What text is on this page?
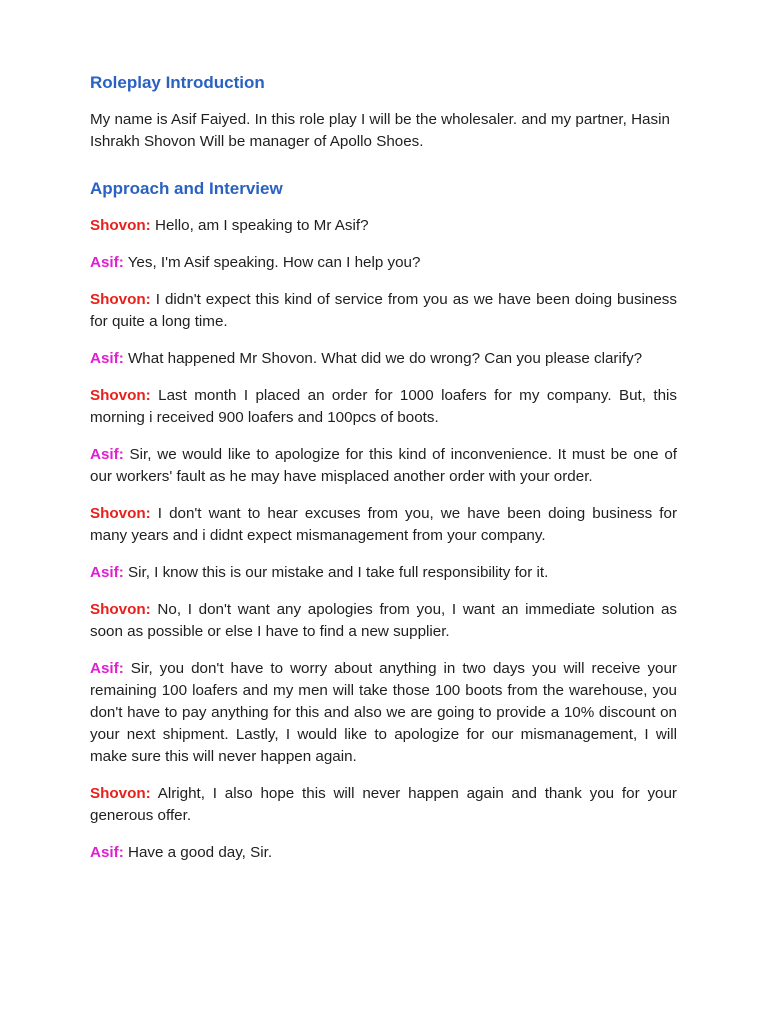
Roleplay Introduction

My name is Asif Faiyed. In this role play I will be the wholesaler. and my partner, Hasin Ishrakh Shovon Will be manager of Apollo Shoes.

Approach and Interview

Shovon: Hello, am I speaking to Mr Asif?

Asif: Yes, I'm Asif speaking. How can I help you?

Shovon: I didn't expect this kind of service from you as we have been doing business for quite a long time.

Asif: What happened Mr Shovon. What did we do wrong? Can you please clarify?

Shovon: Last month I placed an order for 1000 loafers for my company. But, this morning i received 900 loafers and 100pcs of boots.

Asif: Sir, we would like to apologize for this kind of inconvenience. It must be one of our workers' fault as he may have misplaced another order with your order.

Shovon: I don't want to hear excuses from you, we have been doing business for many years and i didnt expect mismanagement from your company.

Asif: Sir, I know this is our mistake and I take full responsibility for it.

Shovon: No, I don't want any apologies from you, I want an immediate solution as soon as possible or else I have to find a new supplier.

Asif: Sir, you don't have to worry about anything in two days you will receive your remaining 100 loafers and my men will take those 100 boots from the warehouse, you don't have to pay anything for this and also we are going to provide a 10% discount on your next shipment. Lastly, I would like to apologize for our mismanagement, I will make sure this will never happen again.

Shovon: Alright, I also hope this will never happen again and thank you for your generous offer.

Asif: Have a good day, Sir.
